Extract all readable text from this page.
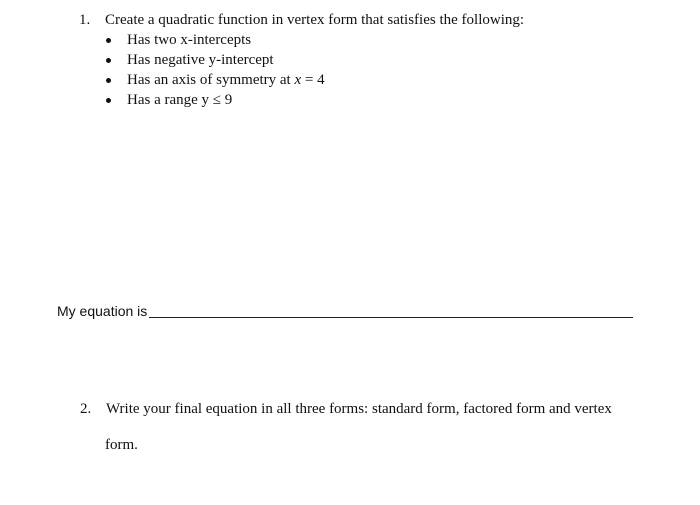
1. Create a quadratic function in vertex form that satisfies the following:
Has two x-intercepts
Has negative y-intercept
Has an axis of symmetry at x = 4
Has a range y ≤ 9
My equation is
2. Write your final equation in all three forms: standard form, factored form and vertex
form.
